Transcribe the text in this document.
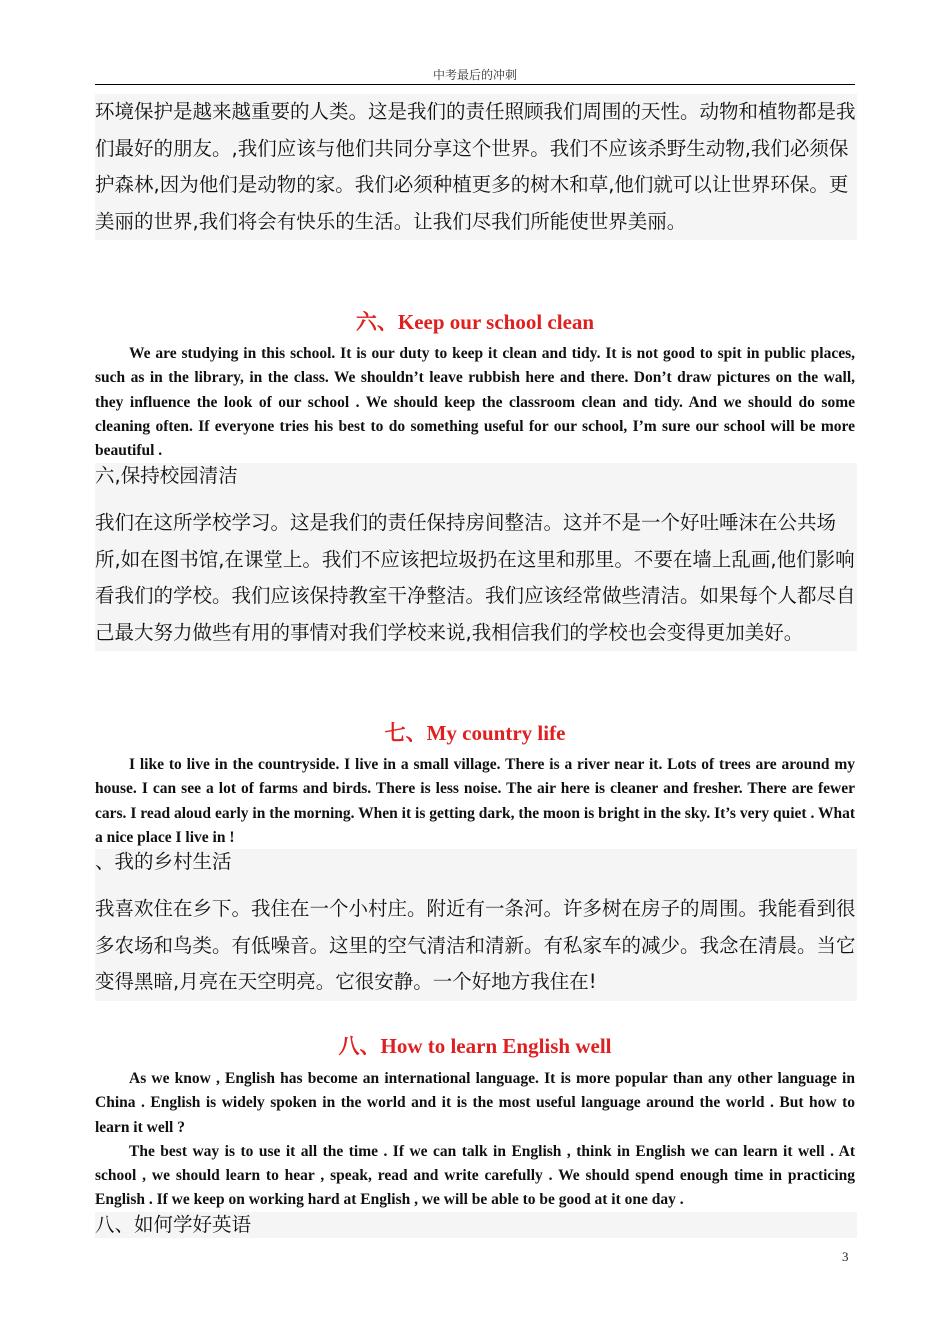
中考最后的冲刺
环境保护是越来越重要的人类。这是我们的责任照顾我们周围的天性。动物和植物都是我们最好的朋友。,我们应该与他们共同分享这个世界。我们不应该杀野生动物,我们必须保护森林,因为他们是动物的家。我们必须种植更多的树木和草,他们就可以让世界环保。更美丽的世界,我们将会有快乐的生活。让我们尽我们所能使世界美丽。
六、Keep our school clean

We are studying in this school. It is our duty to keep it clean and tidy. It is not good to spit in public places, such as in the library, in the class. We shouldn’t leave rubbish here and there. Don’t draw pictures on the wall, they influence the look of our school . We should keep the classroom clean and tidy. And we should do some cleaning often. If everyone tries his best to do something useful for our school, I’m sure our school will be more beautiful .

六,保持校园清洁
我们在这所学校学习。这是我们的责任保持房间整洁。这并不是一个好吐唾沫在公共场所,如在图书馆,在课堂上。我们不应该把垃圾扔在这里和那里。不要在墙上乱画,他们影响看我们的学校。我们应该保持教室干净整洁。我们应该经常做些清洁。如果每个人都尽自己最大努力做些有用的事情对我们学校来说,我相信我们的学校也会变得更加美好。
七、My country life

I like to live in the countryside. I live in a small village. There is a river near it. Lots of trees are around my house. I can see a lot of farms and birds. There is less noise. The air here is cleaner and fresher. There are fewer cars. I read aloud early in the morning. When it is getting dark, the moon is bright in the sky. It’s very quiet . What a nice place I live in !

、我的乡村生活
我喜欢住在乡下。我住在一个小村庄。附近有一条河。许多树在房子的周围。我能看到很多农场和鸟类。有低噪音。这里的空气清洁和清新。有私家车的减少。我念在清晨。当它变得黑暗,月亮在天空明亮。它很安静。一个好地方我住在!
八、How to learn English well

As we know , English has become an international language. It is more popular than any other language in China . English is widely spoken in the world and it is the most useful language around the world . But how to learn it well ?

The best way is to use it all the time . If we can talk in English , think in English we can learn it well . At school , we should learn to hear , speak, read and write carefully . We should spend enough time in practicing English . If we keep on working hard at English , we will be able to be good at it one day .

八、如何学好英语
3
